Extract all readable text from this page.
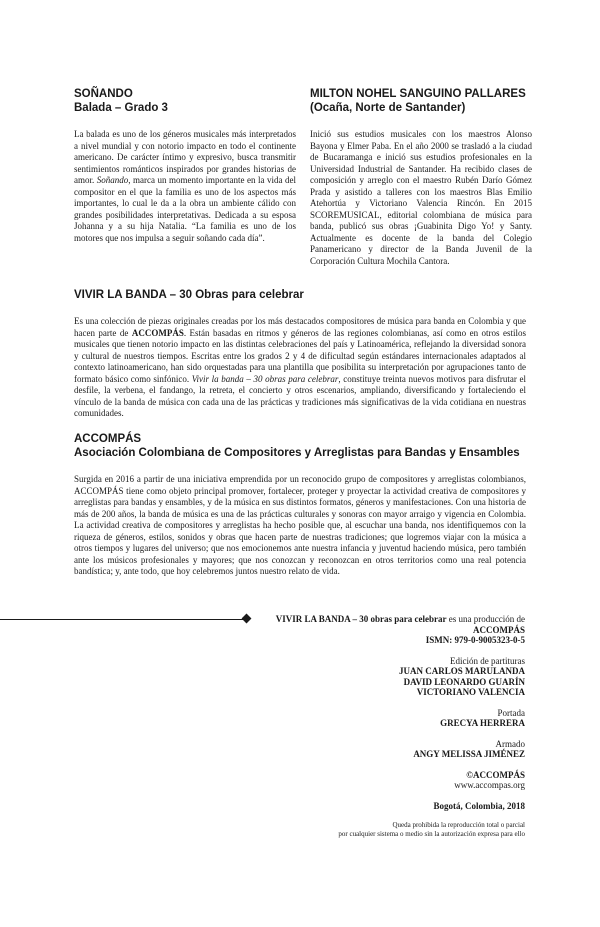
SOÑANDO
Balada – Grado 3
La balada es uno de los géneros musicales más interpretados a nivel mundial y con notorio impacto en todo el continente americano. De carácter íntimo y expresivo, busca transmitir sentimientos románticos inspirados por grandes historias de amor. Soñando, marca un momento importante en la vida del compositor en el que la familia es uno de los aspectos más importantes, lo cual le da a la obra un ambiente cálido con grandes posibilidades interpretativas. Dedicada a su esposa Johanna y a su hija Natalia. “La familia es uno de los motores que nos impulsa a seguir soñando cada día”.
MILTON NOHEL SANGUINO PALLARES
(Ocaña, Norte de Santander)
Inició sus estudios musicales con los maestros Alonso Bayona y Elmer Paba. En el año 2000 se trasladó a la ciudad de Bucaramanga e inició sus estudios profesionales en la Universidad Industrial de Santander. Ha recibido clases de composición y arreglo con el maestro Rubén Darío Gómez Prada y asistido a talleres con los maestros Blas Emilio Atehortúa y Victoriano Valencia Rincón. En 2015 SCOREMUSICAL, editorial colombiana de música para banda, publicó sus obras ¡Guabinita Digo Yo! y Santy. Actualmente es docente de la banda del Colegio Panamericano y director de la Banda Juvenil de la Corporación Cultura Mochila Cantora.
VIVIR LA BANDA – 30 Obras para celebrar
Es una colección de piezas originales creadas por los más destacados compositores de música para banda en Colombia y que hacen parte de ACCOMPÁS. Están basadas en ritmos y géneros de las regiones colombianas, así como en otros estilos musicales que tienen notorio impacto en las distintas celebraciones del país y Latinoamérica, reflejando la diversidad sonora y cultural de nuestros tiempos. Escritas entre los grados 2 y 4 de dificultad según estándares internacionales adaptados al contexto latinoamericano, han sido orquestadas para una plantilla que posibilita su interpretación por agrupaciones tanto de formato básico como sinfónico. Vivir la banda – 30 obras para celebrar, constituye treinta nuevos motivos para disfrutar el desfile, la verbena, el fandango, la retreta, el concierto y otros escenarios, ampliando, diversificando y fortaleciendo el vínculo de la banda de música con cada una de las prácticas y tradiciones más significativas de la vida cotidiana en nuestras comunidades.
ACCOMPÁS
Asociación Colombiana de Compositores y Arreglistas para Bandas y Ensambles
Surgida en 2016 a partir de una iniciativa emprendida por un reconocido grupo de compositores y arreglistas colombianos, ACCOMPÁS tiene como objeto principal promover, fortalecer, proteger y proyectar la actividad creativa de compositores y arreglistas para bandas y ensambles, y de la música en sus distintos formatos, géneros y manifestaciones. Con una historia de más de 200 años, la banda de música es una de las prácticas culturales y sonoras con mayor arraigo y vigencia en Colombia. La actividad creativa de compositores y arreglistas ha hecho posible que, al escuchar una banda, nos identifiquemos con la riqueza de géneros, estilos, sonidos y obras que hacen parte de nuestras tradiciones; que logremos viajar con la música a otros tiempos y lugares del universo; que nos emocionemos ante nuestra infancia y juventud haciendo música, pero también ante los músicos profesionales y mayores; que nos conozcan y reconozcan en otros territorios como una real potencia bandística; y, ante todo, que hoy celebremos juntos nuestro relato de vida.
VIVIR LA BANDA – 30 obras para celebrar es una producción de
ACCOMPÁS
ISMN: 979-0-9005323-0-5
Edición de partituras
JUAN CARLOS MARULANDA
DAVID LEONARDO GUARÍN
VICTORIANO VALENCIA
Portada
GRECYA HERRERA
Armado
ANGY MELISSA JIMÉNEZ
©ACCOMPÁS
www.accompas.org
Bogotá, Colombia, 2018
Queda prohibida la reproducción total o parcial
por cualquier sistema o medio sin la autorización expresa para ello
